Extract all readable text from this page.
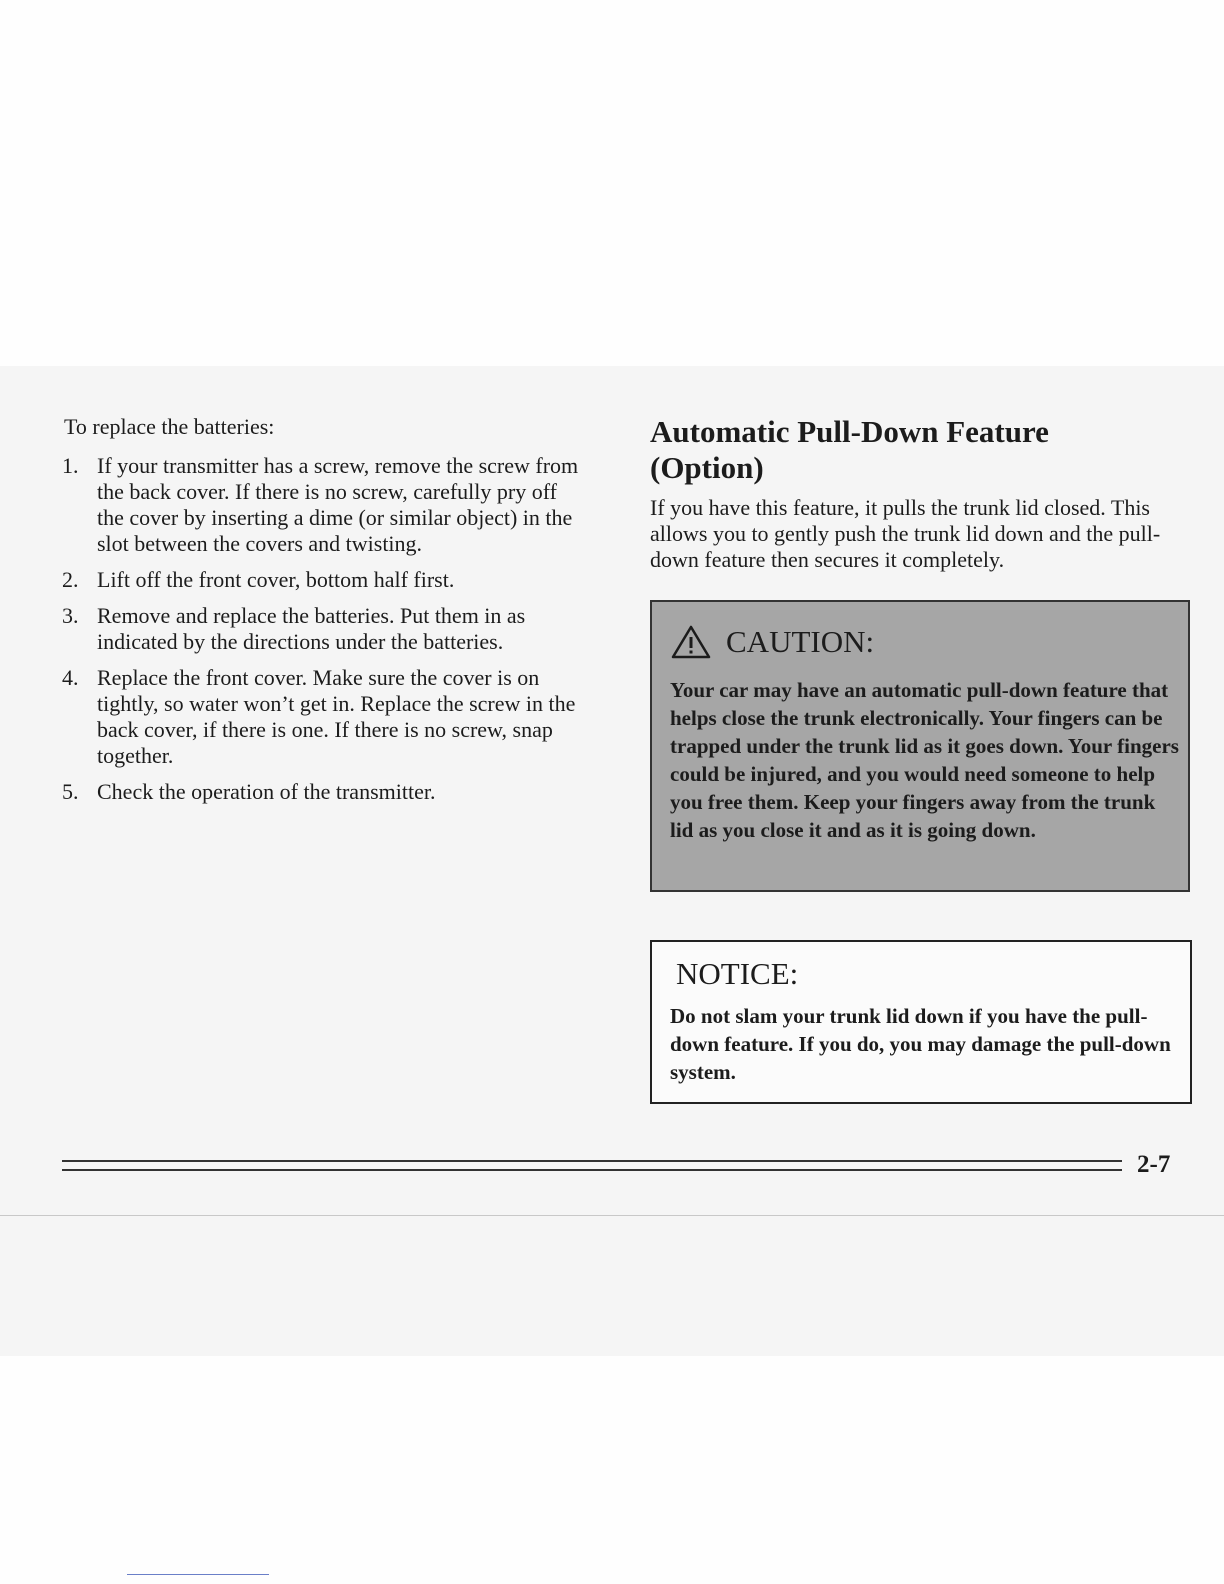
To replace the batteries:

1. If your transmitter has a screw, remove the screw from the back cover. If there is no screw, carefully pry off the cover by inserting a dime (or similar object) in the slot between the covers and twisting.
2. Lift off the front cover, bottom half first.
3. Remove and replace the batteries. Put them in as indicated by the directions under the batteries.
4. Replace the front cover. Make sure the cover is on tightly, so water won’t get in. Replace the screw in the back cover, if there is one. If there is no screw, snap together.
5. Check the operation of the transmitter.
Automatic Pull-Down Feature (Option)

If you have this feature, it pulls the trunk lid closed. This allows you to gently push the trunk lid down and the pull-down feature then secures it completely.

CAUTION:

Your car may have an automatic pull-down feature that helps close the trunk electronically. Your fingers can be trapped under the trunk lid as it goes down. Your fingers could be injured, and you would need someone to help you free them. Keep your fingers away from the trunk lid as you close it and as it is going down.

NOTICE:

Do not slam your trunk lid down if you have the pull-down feature. If you do, you may damage the pull-down system.

2-7
